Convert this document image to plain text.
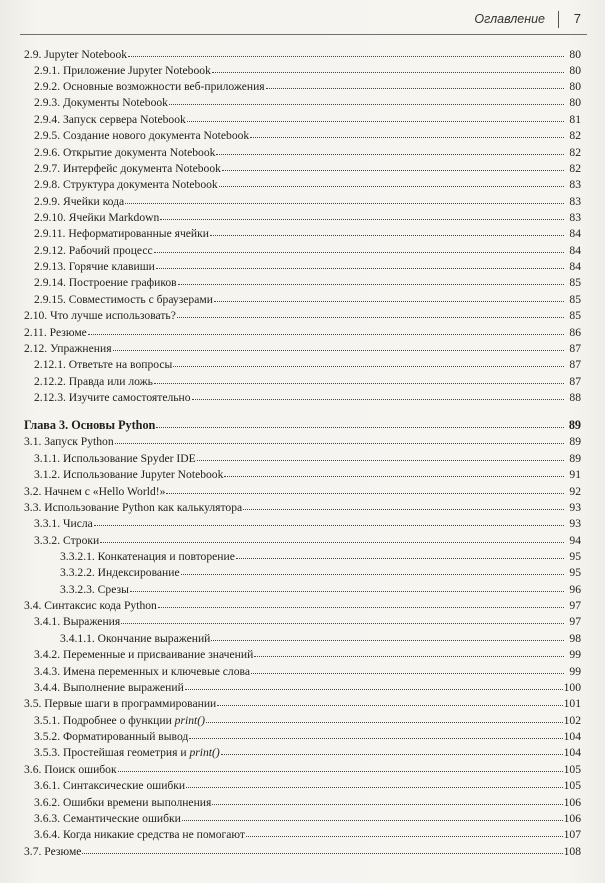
Оглавление 7
2.9. Jupyter Notebook	80
2.9.1. Приложение Jupyter Notebook	80
2.9.2. Основные возможности веб-приложения	80
2.9.3. Документы Notebook	80
2.9.4. Запуск сервера Notebook	81
2.9.5. Создание нового документа Notebook	82
2.9.6. Открытие документа Notebook	82
2.9.7. Интерфейс документа Notebook	82
2.9.8. Структура документа Notebook	83
2.9.9. Ячейки кода	83
2.9.10. Ячейки Markdown	83
2.9.11. Неформатированные ячейки	84
2.9.12. Рабочий процесс	84
2.9.13. Горячие клавиши	84
2.9.14. Построение графиков	85
2.9.15. Совместимость с браузерами	85
2.10. Что лучше использовать?	85
2.11. Резюме	86
2.12. Упражнения	87
2.12.1. Ответьте на вопросы	87
2.12.2. Правда или ложь	87
2.12.3. Изучите самостоятельно	88
Глава 3. Основы Python	89
3.1. Запуск Python	89
3.1.1. Использование Spyder IDE	89
3.1.2. Использование Jupyter Notebook	91
3.2. Начнем с «Hello World!»	92
3.3. Использование Python как калькулятора	93
3.3.1. Числа	93
3.3.2. Строки	94
3.3.2.1. Конкатенация и повторение	95
3.3.2.2. Индексирование	95
3.3.2.3. Срезы	96
3.4. Синтаксис кода Python	97
3.4.1. Выражения	97
3.4.1.1. Окончание выражений	98
3.4.2. Переменные и присваивание значений	99
3.4.3. Имена переменных и ключевые слова	99
3.4.4. Выполнение выражений	100
3.5. Первые шаги в программировании	101
3.5.1. Подробнее о функции print()	102
3.5.2. Форматированный вывод	104
3.5.3. Простейшая геометрия и print()	104
3.6. Поиск ошибок	105
3.6.1. Синтаксические ошибки	105
3.6.2. Ошибки времени выполнения	106
3.6.3. Семантические ошибки	106
3.6.4. Когда никакие средства не помогают	107
3.7. Резюме	108
